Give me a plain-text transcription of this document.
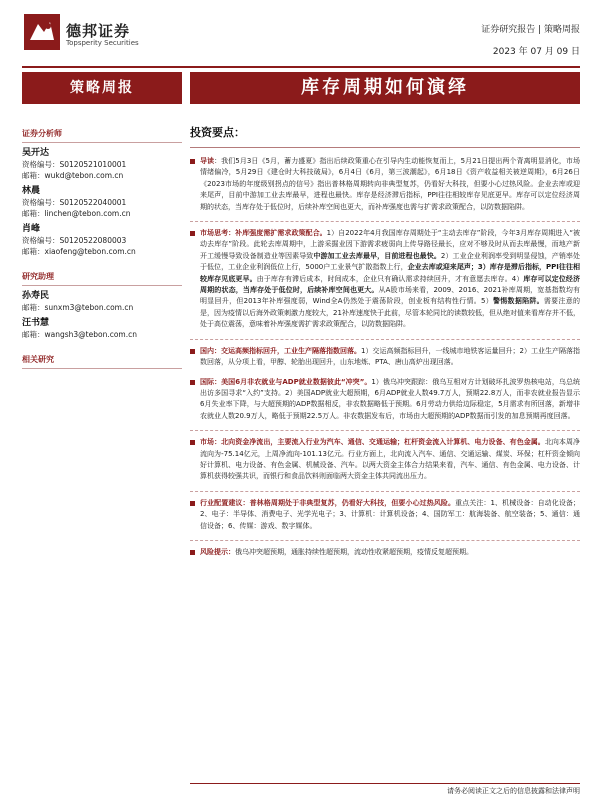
德邦证券
Topsperity Securities
证券研究报告 | 策略周报
2023 年 07 月 09 日
策略周报	库存周期如何演绎
证券分析师
吴开达
资格编号：S0120521010001
邮箱：wukd@tebon.com.cn
林晨
资格编号：S0120522040001
邮箱：linchen@tebon.com.cn
肖峰
资格编号：S0120522080003
邮箱：xiaofeng@tebon.com.cn
研究助理
孙寿民
邮箱：sunxm3@tebon.com.cn
汪书慧
邮箱：wangsh3@tebon.com.cn
相关研究
投资要点：
导读：我们5月3日《5月，蓄力盛夏》指出后续政策重心在引导内生动能恢复而上，5月21日提出两个背离明显消化，市场情绪偏冷，5月29日《建仓时大科技破局》，6月4日《6月，第三波潮起》，6月18日《资产收益相关被逆周期》，6月26日《2023市场的年度级别拐点的信号》指出普林格周期转向非典型复苏，仍看好大科技，但要小心过热风险。企业去库或迎来尾声，目前中游加工业去库最早，进程也最快。库存是经济滞后指标，PPI往往相较库存见底更早。库存可以定位经济周期的状态，当库存处于低位时，后续补库空间也更大，而补库强度也需与扩需求政策配合，以防数据陷阱。
市场思考：补库强度需扩需求政策配合。1）自2022年4月我国库存周期处于“主动去库存”阶段，今年3月库存周期进入“被动去库存”阶段。此轮去库周期中，上游采掘业因下游需求疲弱向上传导路径最长，应对不够及时从而去库最慢，而地产新开工缓慢导致设备制造业等因素导致中游加工业去库最早，目前进程也最快。2）工业企业利润率受到明显侵蚀，产销率处于低位，工业企业利润低位上行，5000户工业景气扩散指数上行，企业去库或迎来尾声；3）库存是滞后指标，PPI往往相较库存见底更早。由于库存有滞后成本，时间成本，企业只有确认需求持续回升，才有意愿去库存。4）库存可以定位经济周期的状态，当库存处于低位时，后续补库空间也更大。从A股市场来看，2009、2016、2021补库周期，宽基指数均有明显回升，但2013年补库强度弱，Wind全A仍然处于震荡阶段，创业板有结构性行情。5）警惕数据陷阱。需要注意的是，因为疫情以后海外政策刺激力度较大，21补库速度快于此前，尽管本轮同比的读数较低，但从绝对值来看库存并不低，处于高位震荡，意味着补库强度需扩需求政策配合，以防数据陷阱。
国内：交运高频指标回升，工业生产隔落指数回落。1）交运高频指标回升，一线城市地铁客运量回升；2）工业生产隔落指数回落，从分项上看，甲醇、轮胎出现回升，山东地炼、PTA、唐山高炉出现回落。
国际：美国6月非农就业与ADP就业数据彼此“冲突”。1）俄乌冲突跟踪：俄乌互相对方计划破坏扎波罗热核电站，乌总统出访多国寻求“入约”支持。2）美国ADP就业大超预期，6月ADP就业人数49.7万人，预期22.8万人，而非农就业报告显示6月失业率下降，与大超预期的ADP数据相反，非农数据略低于预期。6月劳动力供给边际稳定，5月需求有所回落，新增非农就业人数20.9万人，略低于预期22.5万人。非农数据发布后，市场由大超预期的ADP数据而引发的加息预期再度回落。
市场：北向资金净流出，主要流入行业为汽车、通信、交通运输；杠杆资金流入计算机、电力设备、有色金属。北向本周净流向为-75.14亿元，上周净流向-101.13亿元。行业方面上，北向流入汽车、通信、交通运输、煤炭、环保；杠杆资金倾向好计算机、电力设备、有色金属、机械设备、汽车。以两大资金主体合力结果来看，汽车、通信、有色金属、电力设备、计算机获得较强共识，而银行和食品饮料则面临两大资金主体共同流出压力。
行业配置建议：普林格周期处于非典型复苏，仍看好大科技，但要小心过热风险。重点关注：1、机械设备：自动化设备；2、电子：半导体、消费电子、光学光电子；3、计算机：计算机设备；4、国防军工：航海装备、航空装备；5、通信：通信设备；6、传媒：游戏、数字媒体。
风险提示：俄乌冲突超预期，通胀持续性超预期，流动性收紧超预期，疫情反复超预期。
请务必阅读正文之后的信息披露和法律声明
